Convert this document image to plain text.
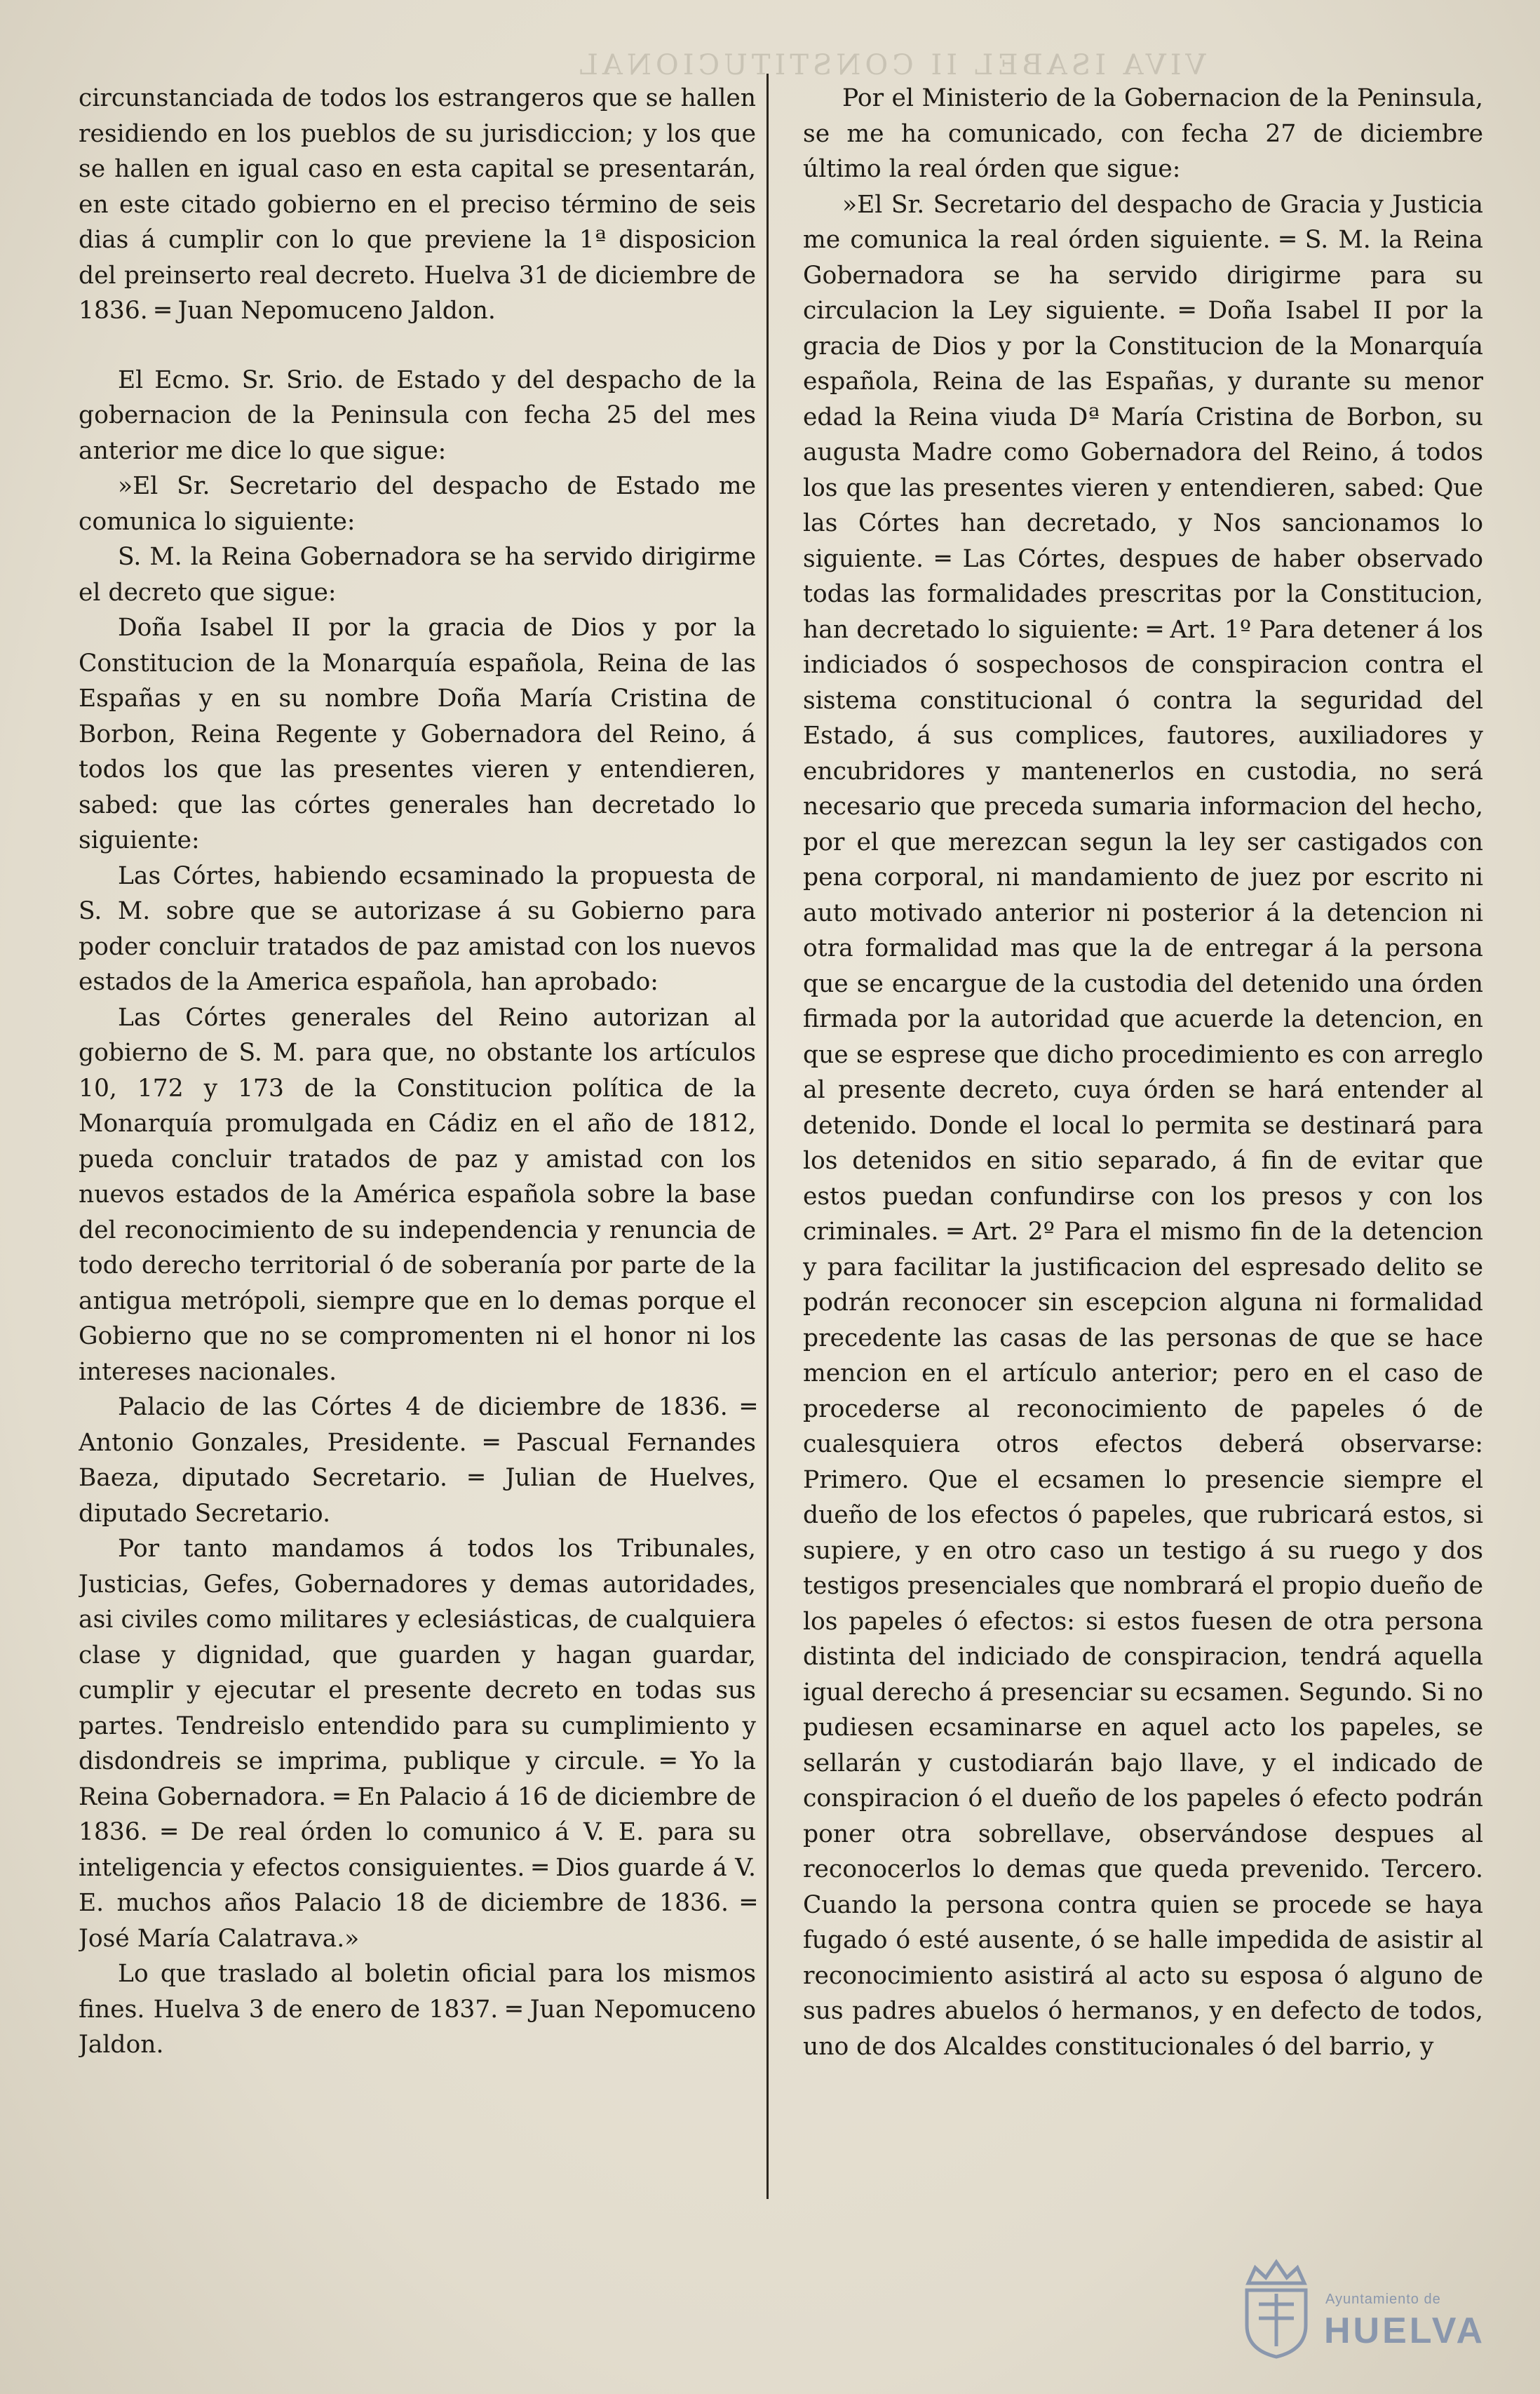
VIVA ISABEL II CONSTITUCIONAL

circunstanciada de todos los estrangeros que se hallen residiendo en los pueblos de su jurisdiccion; y los que se hallen en igual caso en esta capital se presentarán, en este citado gobierno en el preciso término de seis dias á cumplir con lo que previene la 1ª disposicion del preinserto real decreto. Huelva 31 de diciembre de 1836. ═ Juan Nepomuceno Jaldon.

El Ecmo. Sr. Srio. de Estado y del despacho de la gobernacion de la Peninsula con fecha 25 del mes anterior me dice lo que sigue:

»El Sr. Secretario del despacho de Estado me comunica lo siguiente:

S. M. la Reina Gobernadora se ha servido dirigirme el decreto que sigue:

Doña Isabel II por la gracia de Dios y por la Constitucion de la Monarquía española, Reina de las Españas y en su nombre Doña María Cristina de Borbon, Reina Regente y Gobernadora del Reino, á todos los que las presentes vieren y entendieren, sabed: que las córtes generales han decretado lo siguiente:

Las Córtes, habiendo ecsaminado la propuesta de S. M. sobre que se autorizase á su Gobierno para poder concluir tratados de paz amistad con los nuevos estados de la America española, han aprobado:

Las Córtes generales del Reino autorizan al gobierno de S. M. para que, no obstante los artículos 10, 172 y 173 de la Constitucion política de la Monarquía promulgada en Cádiz en el año de 1812, pueda concluir tratados de paz y amistad con los nuevos estados de la América española sobre la base del reconocimiento de su independencia y renuncia de todo derecho territorial ó de soberanía por parte de la antigua metrópoli, siempre que en lo demas porque el Gobierno que no se compromenten ni el honor ni los intereses nacionales.

Palacio de las Córtes 4 de diciembre de 1836. ═ Antonio Gonzales, Presidente. ═ Pascual Fernandes Baeza, diputado Secretario. ═ Julian de Huelves, diputado Secretario.

Por tanto mandamos á todos los Tribunales, Justicias, Gefes, Gobernadores y demas autoridades, asi civiles como militares y eclesiásticas, de cualquiera clase y dignidad, que guarden y hagan guardar, cumplir y ejecutar el presente decreto en todas sus partes. Tendreislo entendido para su cumplimiento y disdondreis se imprima, publique y circule. ═ Yo la Reina Gobernadora. ═ En Palacio á 16 de diciembre de 1836. ═ De real órden lo comunico á V. E. para su inteligencia y efectos consiguientes. ═ Dios guarde á V. E. muchos años Palacio 18 de diciembre de 1836. ═ José María Calatrava.»

Lo que traslado al boletin oficial para los mismos fines. Huelva 3 de enero de 1837. ═ Juan Nepomuceno Jaldon.

Por el Ministerio de la Gobernacion de la Peninsula, se me ha comunicado, con fecha 27 de diciembre último la real órden que sigue:

»El Sr. Secretario del despacho de Gracia y Justicia me comunica la real órden siguiente. ═ S. M. la Reina Gobernadora se ha servido dirigirme para su circulacion la Ley siguiente. ═ Doña Isabel II por la gracia de Dios y por la Constitucion de la Monarquía española, Reina de las Españas, y durante su menor edad la Reina viuda Dª María Cristina de Borbon, su augusta Madre como Gobernadora del Reino, á todos los que las presentes vieren y entendieren, sabed: Que las Córtes han decretado, y Nos sancionamos lo siguiente. ═ Las Córtes, despues de haber observado todas las formalidades prescritas por la Constitucion, han decretado lo siguiente: ═ Art. 1º Para detener á los indiciados ó sospechosos de conspiracion contra el sistema constitucional ó contra la seguridad del Estado, á sus complices, fautores, auxiliadores y encubridores y mantenerlos en custodia, no será necesario que preceda sumaria informacion del hecho, por el que merezcan segun la ley ser castigados con pena corporal, ni mandamiento de juez por escrito ni auto motivado anterior ni posterior á la detencion ni otra formalidad mas que la de entregar á la persona que se encargue de la custodia del detenido una órden firmada por la autoridad que acuerde la detencion, en que se esprese que dicho procedimiento es con arreglo al presente decreto, cuya órden se hará entender al detenido. Donde el local lo permita se destinará para los detenidos en sitio separado, á fin de evitar que estos puedan confundirse con los presos y con los criminales. ═ Art. 2º Para el mismo fin de la detencion y para facilitar la justificacion del espresado delito se podrán reconocer sin escepcion alguna ni formalidad precedente las casas de las personas de que se hace mencion en el artículo anterior; pero en el caso de procederse al reconocimiento de papeles ó de cualesquiera otros efectos deberá observarse: Primero. Que el ecsamen lo presencie siempre el dueño de los efectos ó papeles, que rubricará estos, si supiere, y en otro caso un testigo á su ruego y dos testigos presenciales que nombrará el propio dueño de los papeles ó efectos: si estos fuesen de otra persona distinta del indiciado de conspiracion, tendrá aquella igual derecho á presenciar su ecsamen. Segundo. Si no pudiesen ecsaminarse en aquel acto los papeles, se sellarán y custodiarán bajo llave, y el indicado de conspiracion ó el dueño de los papeles ó efecto podrán poner otra sobrellave, observándose despues al reconocerlos lo demas que queda prevenido. Tercero. Cuando la persona contra quien se procede se haya fugado ó esté ausente, ó se halle impedida de asistir al reconocimiento asistirá al acto su esposa ó alguno de sus padres abuelos ó hermanos, y en defecto de todos, uno de dos Alcaldes constitucionales ó del barrio, y

Ayuntamiento de
HUELVA
